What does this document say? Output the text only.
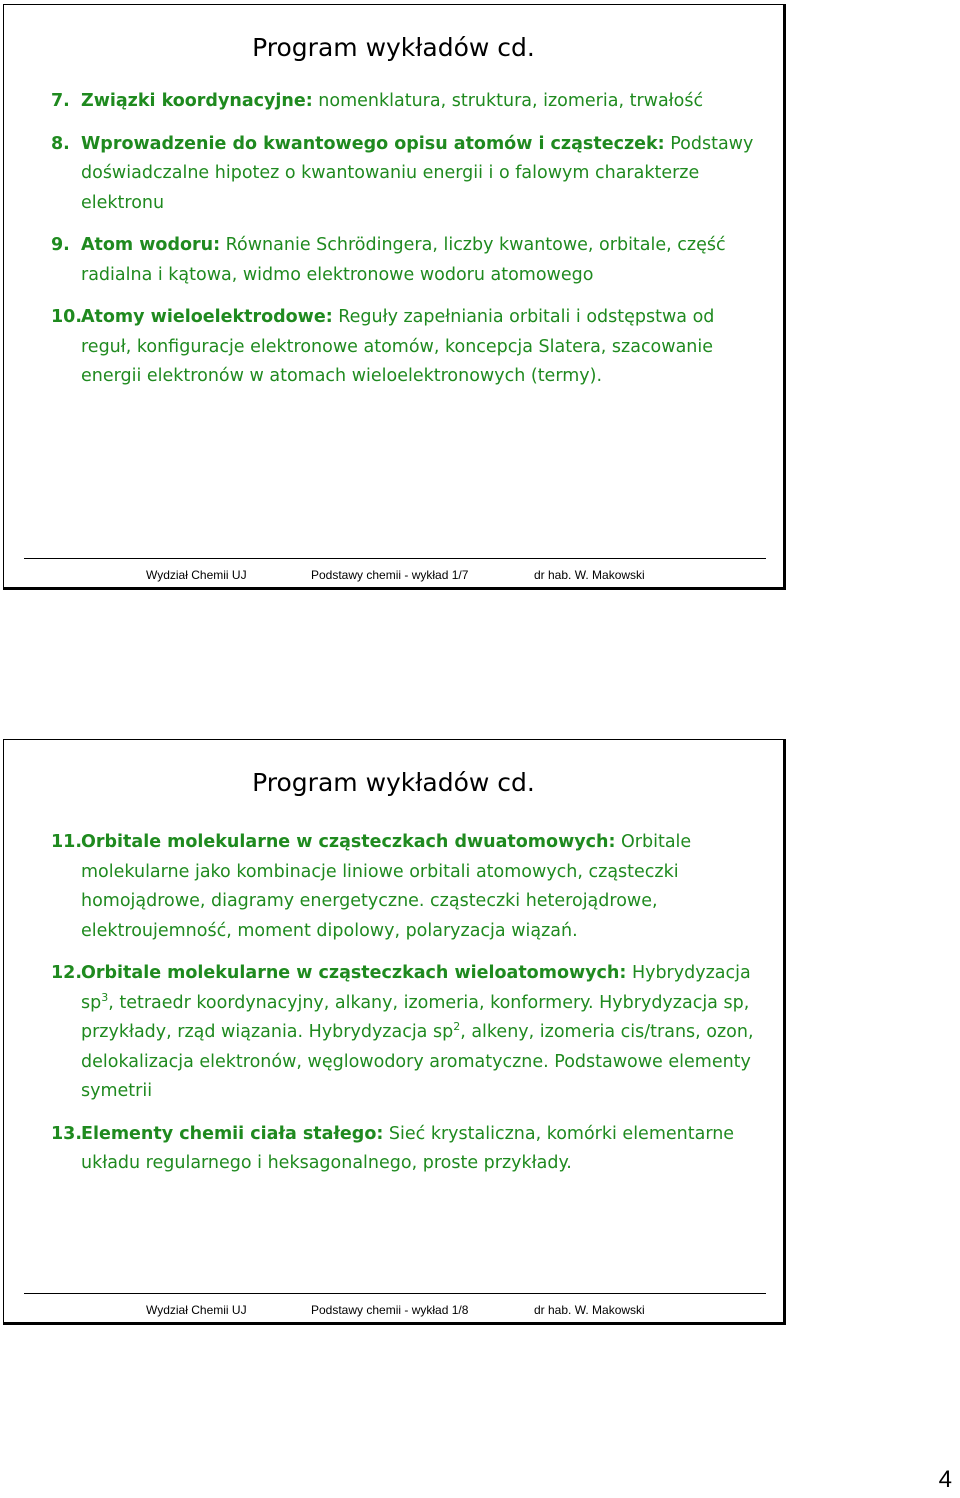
Program wykładów cd.
7. Związki koordynacyjne: nomenklatura, struktura, izomeria, trwałość
8. Wprowadzenie do kwantowego opisu atomów i cząsteczek: Podstawy doświadczalne hipotez o kwantowaniu energii i o falowym charakterze elektronu
9. Atom wodoru: Równanie Schrödingera, liczby kwantowe, orbitale, część radialna i kątowa, widmo elektronowe wodoru atomowego
10.
Atomy wieloelektrodowe: Reguły zapełniania orbitali i odstępstwa od reguł, konfiguracje elektronowe atomów, koncepcja Slatera, szacowanie energii elektronów w atomach wieloelektronowych (termy).
Wydział Chemii UJ	Podstawy chemii - wykład 1/7	dr hab. W. Makowski
Program wykładów cd.
11.
Orbitale molekularne w cząsteczkach dwuatomowych: Orbitale molekularne jako kombinacje liniowe orbitali atomowych, cząsteczki homojądrowe, diagramy energetyczne. cząsteczki heterojądrowe, elektroujemność, moment dipolowy, polaryzacja wiązań.
12.
Orbitale molekularne w cząsteczkach wieloatomowych: Hybrydyzacja $sp^3$, tetraedr koordynacyjny, alkany, izomeria, konformery. Hybrydyzacja sp, przykłady, rząd wiązania. Hybrydyzacja $sp^2$, alkeny, izomeria cis/trans, ozon, delokalizacja elektronów, węglowodory aromatyczne. Podstawowe elementy symetrii
13.
Elementy chemii ciała stałego: Sieć krystaliczna, komórki elementarne układu regularnego i heksagonalnego, proste przykłady.
Wydział Chemii UJ	Podstawy chemii - wykład 1/8	dr hab. W. Makowski
4
